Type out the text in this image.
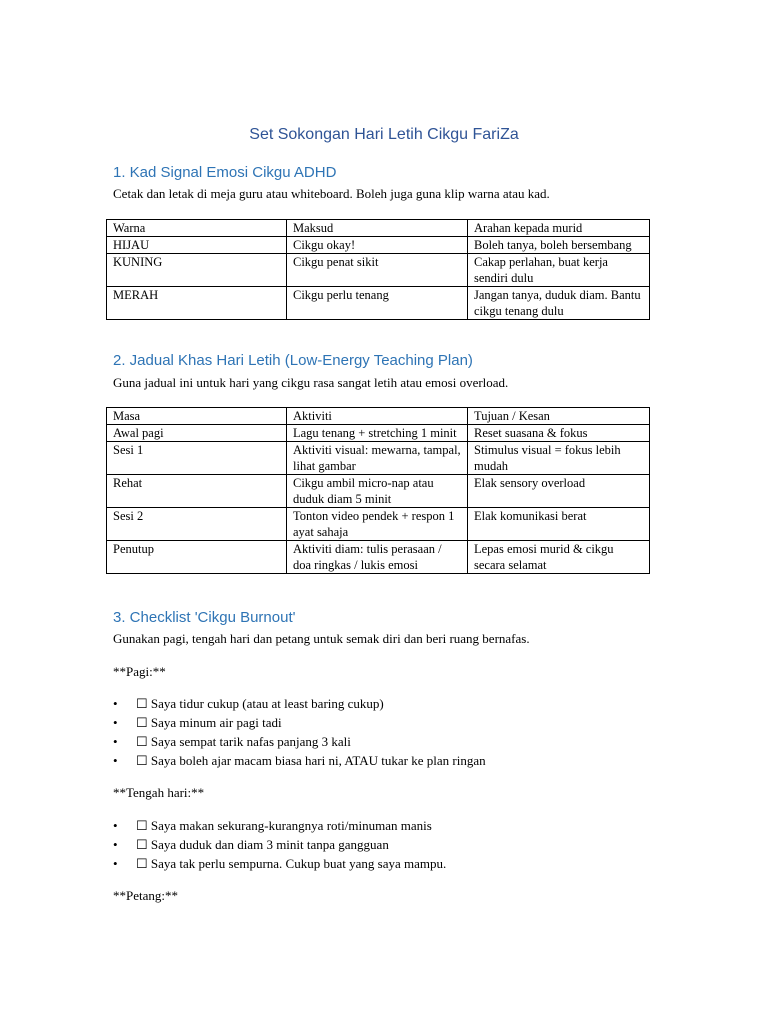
Set Sokongan Hari Letih Cikgu FariZa
1. Kad Signal Emosi Cikgu ADHD
Cetak dan letak di meja guru atau whiteboard. Boleh juga guna klip warna atau kad.
Warna	Maksud	Arahan kepada murid
HIJAU	Cikgu okay!	Boleh tanya, boleh bersembang
KUNING	Cikgu penat sikit	Cakap perlahan, buat kerja sendiri dulu
MERAH	Cikgu perlu tenang	Jangan tanya, duduk diam. Bantu cikgu tenang dulu
2. Jadual Khas Hari Letih (Low-Energy Teaching Plan)
Guna jadual ini untuk hari yang cikgu rasa sangat letih atau emosi overload.
Masa	Aktiviti	Tujuan / Kesan
Awal pagi	Lagu tenang + stretching 1 minit	Reset suasana & fokus
Sesi 1	Aktiviti visual: mewarna, tampal, lihat gambar	Stimulus visual = fokus lebih mudah
Rehat	Cikgu ambil micro-nap atau duduk diam 5 minit	Elak sensory overload
Sesi 2	Tonton video pendek + respon 1 ayat sahaja	Elak komunikasi berat
Penutup	Aktiviti diam: tulis perasaan / doa ringkas / lukis emosi	Lepas emosi murid & cikgu secara selamat
3. Checklist 'Cikgu Burnout'
Gunakan pagi, tengah hari dan petang untuk semak diri dan beri ruang bernafas.
**Pagi:**
• ☐ Saya tidur cukup (atau at least baring cukup)
• ☐ Saya minum air pagi tadi
• ☐ Saya sempat tarik nafas panjang 3 kali
• ☐ Saya boleh ajar macam biasa hari ni, ATAU tukar ke plan ringan
**Tengah hari:**
• ☐ Saya makan sekurang-kurangnya roti/minuman manis
• ☐ Saya duduk dan diam 3 minit tanpa gangguan
• ☐ Saya tak perlu sempurna. Cukup buat yang saya mampu.
**Petang:**
